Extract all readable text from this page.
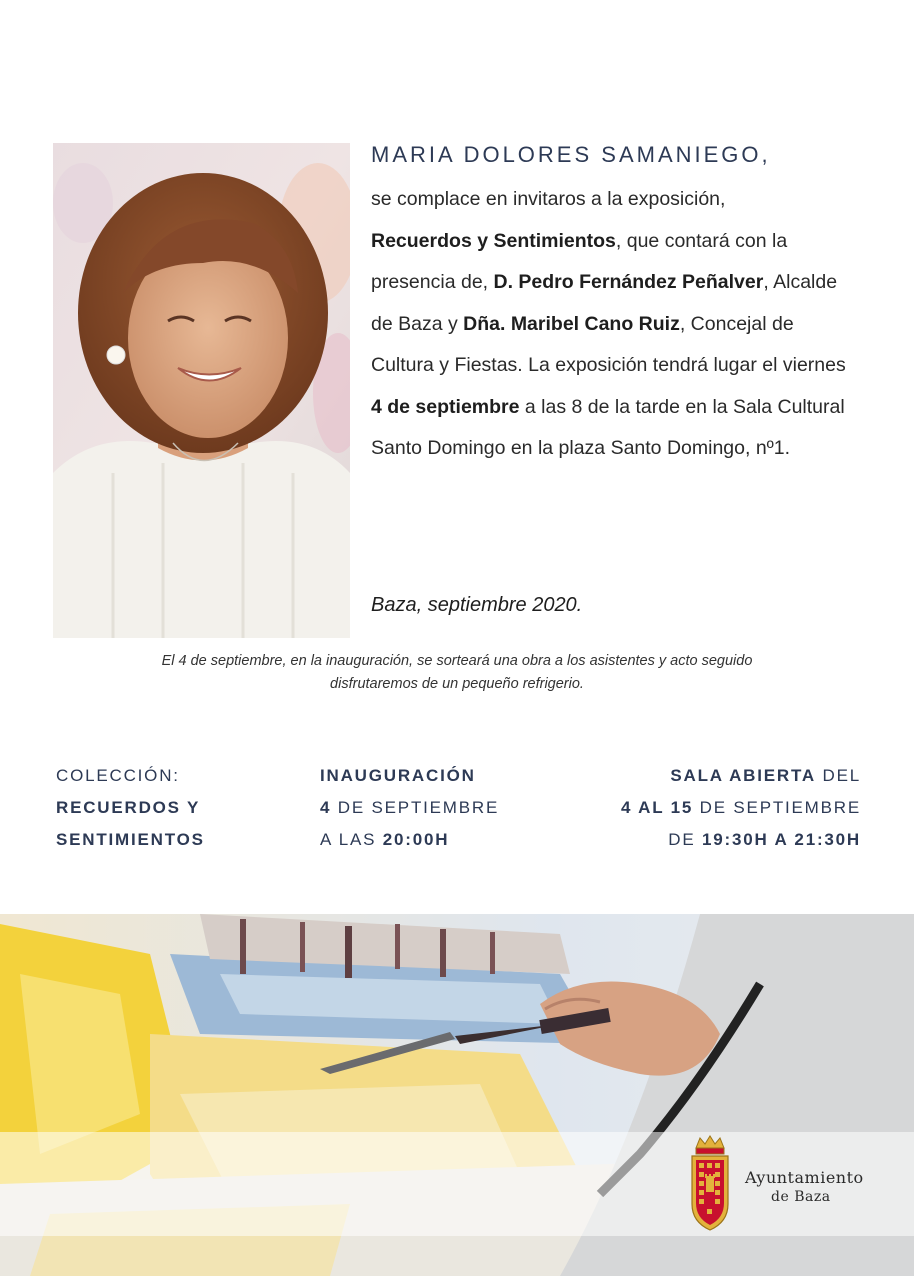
MARIA DOLORES SAMANIEGO,

se complace en invitaros a la exposición,
Recuerdos y Sentimientos, que contará con la presencia de, D. Pedro Fernández Peñalver, Alcalde de Baza y Dña. Maribel Cano Ruiz, Concejal de Cultura y Fiestas. La exposición tendrá lugar el viernes 4 de septiembre a las 8 de la tarde en la Sala Cultural Santo Domingo en la plaza Santo Domingo, nº1.

Baza, septiembre 2020.
El 4 de septiembre, en la inauguración, se sorteará una obra a los asistentes y acto seguido
disfrutaremos de un pequeño refrigerio.
COLECCIÓN:
RECUERDOS Y
SENTIMIENTOS
INAUGURACIÓN
4 DE SEPTIEMBRE
A LAS 20:00H
SALA ABIERTA DEL
4 AL 15 DE SEPTIEMBRE
DE 19:30H A 21:30H
Ayuntamiento
de Baza
